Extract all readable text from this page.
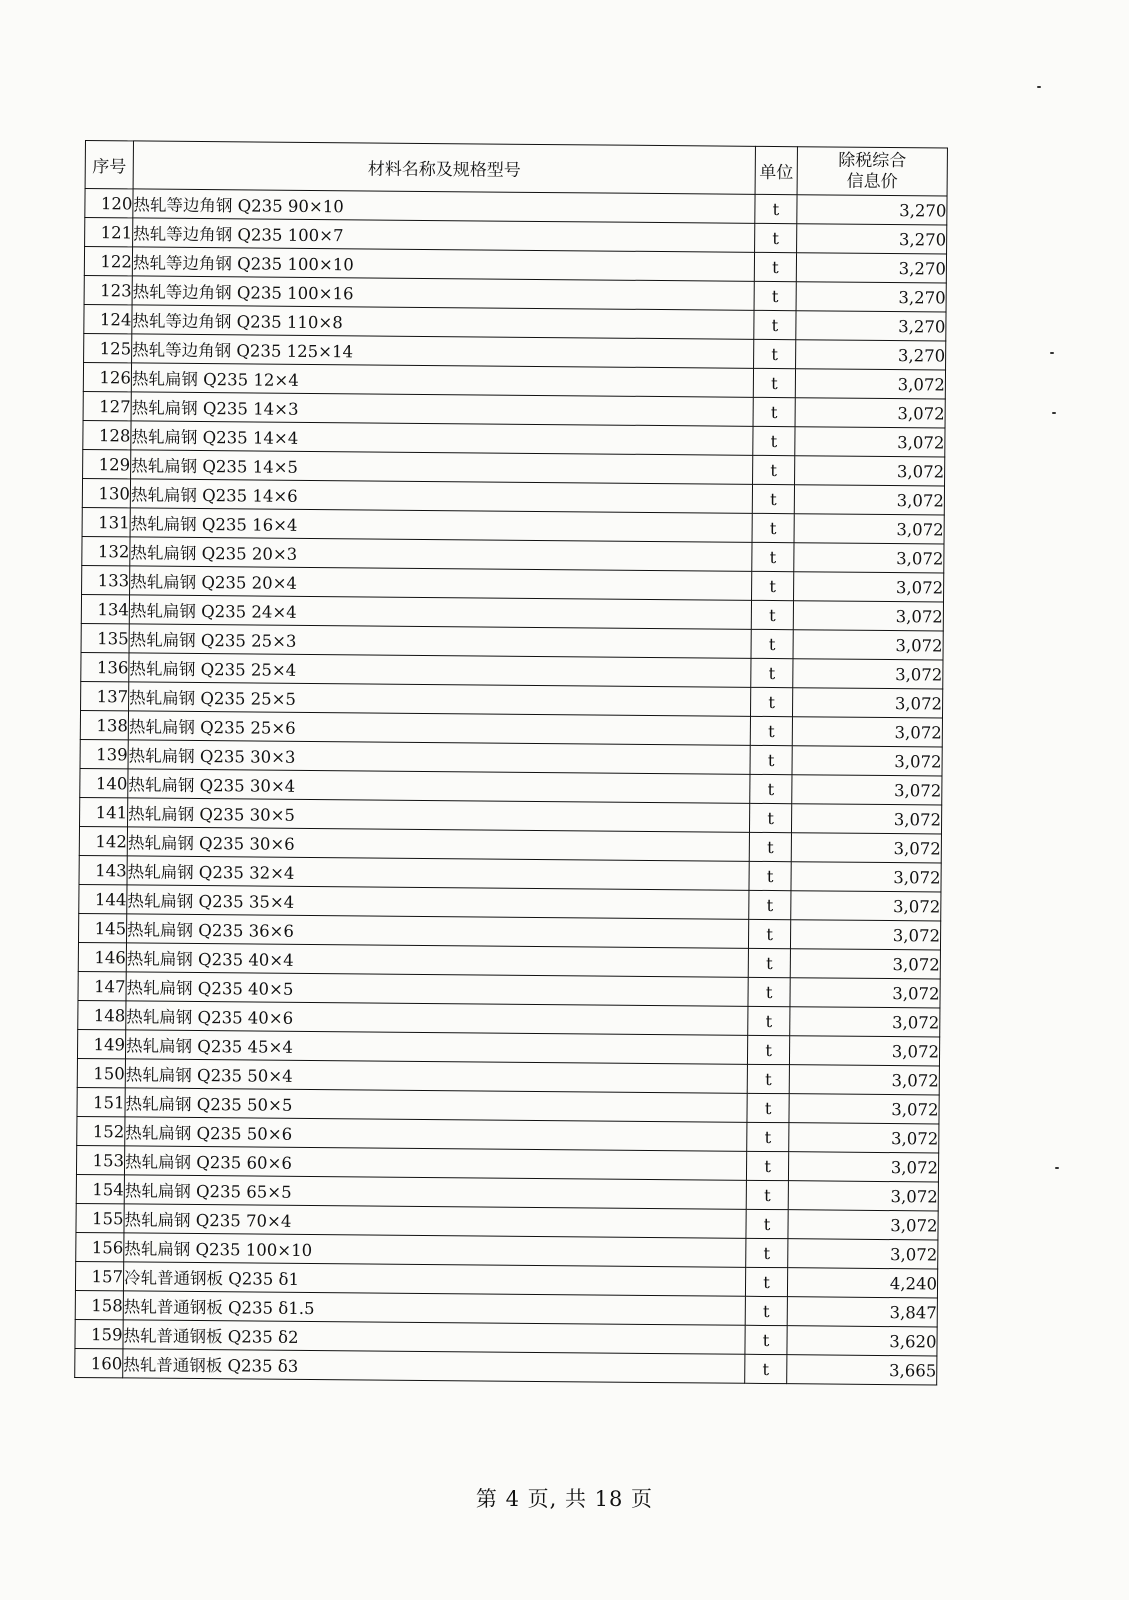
序号	材料名称及规格型号	单位	除税综合
信息价

120	热轧等边角钢 Q235 90×10	t	3,270
121	热轧等边角钢 Q235 100×7	t	3,270
122	热轧等边角钢 Q235 100×10	t	3,270
123	热轧等边角钢 Q235 100×16	t	3,270
124	热轧等边角钢 Q235 110×8	t	3,270
125	热轧等边角钢 Q235 125×14	t	3,270
126	热轧扁钢 Q235 12×4	t	3,072
127	热轧扁钢 Q235 14×3	t	3,072
128	热轧扁钢 Q235 14×4	t	3,072
129	热轧扁钢 Q235 14×5	t	3,072
130	热轧扁钢 Q235 14×6	t	3,072
131	热轧扁钢 Q235 16×4	t	3,072
132	热轧扁钢 Q235 20×3	t	3,072
133	热轧扁钢 Q235 20×4	t	3,072
134	热轧扁钢 Q235 24×4	t	3,072
135	热轧扁钢 Q235 25×3	t	3,072
136	热轧扁钢 Q235 25×4	t	3,072
137	热轧扁钢 Q235 25×5	t	3,072
138	热轧扁钢 Q235 25×6	t	3,072
139	热轧扁钢 Q235 30×3	t	3,072
140	热轧扁钢 Q235 30×4	t	3,072
141	热轧扁钢 Q235 30×5	t	3,072
142	热轧扁钢 Q235 30×6	t	3,072
143	热轧扁钢 Q235 32×4	t	3,072
144	热轧扁钢 Q235 35×4	t	3,072
145	热轧扁钢 Q235 36×6	t	3,072
146	热轧扁钢 Q235 40×4	t	3,072
147	热轧扁钢 Q235 40×5	t	3,072
148	热轧扁钢 Q235 40×6	t	3,072
149	热轧扁钢 Q235 45×4	t	3,072
150	热轧扁钢 Q235 50×4	t	3,072
151	热轧扁钢 Q235 50×5	t	3,072
152	热轧扁钢 Q235 50×6	t	3,072
153	热轧扁钢 Q235 60×6	t	3,072
154	热轧扁钢 Q235 65×5	t	3,072
155	热轧扁钢 Q235 70×4	t	3,072
156	热轧扁钢 Q235 100×10	t	3,072
157	冷轧普通钢板 Q235 δ1	t	4,240
158	热轧普通钢板 Q235 δ1.5	t	3,847
159	热轧普通钢板 Q235 δ2	t	3,620
160	热轧普通钢板 Q235 δ3	t	3,665
第 4 页, 共 18 页
